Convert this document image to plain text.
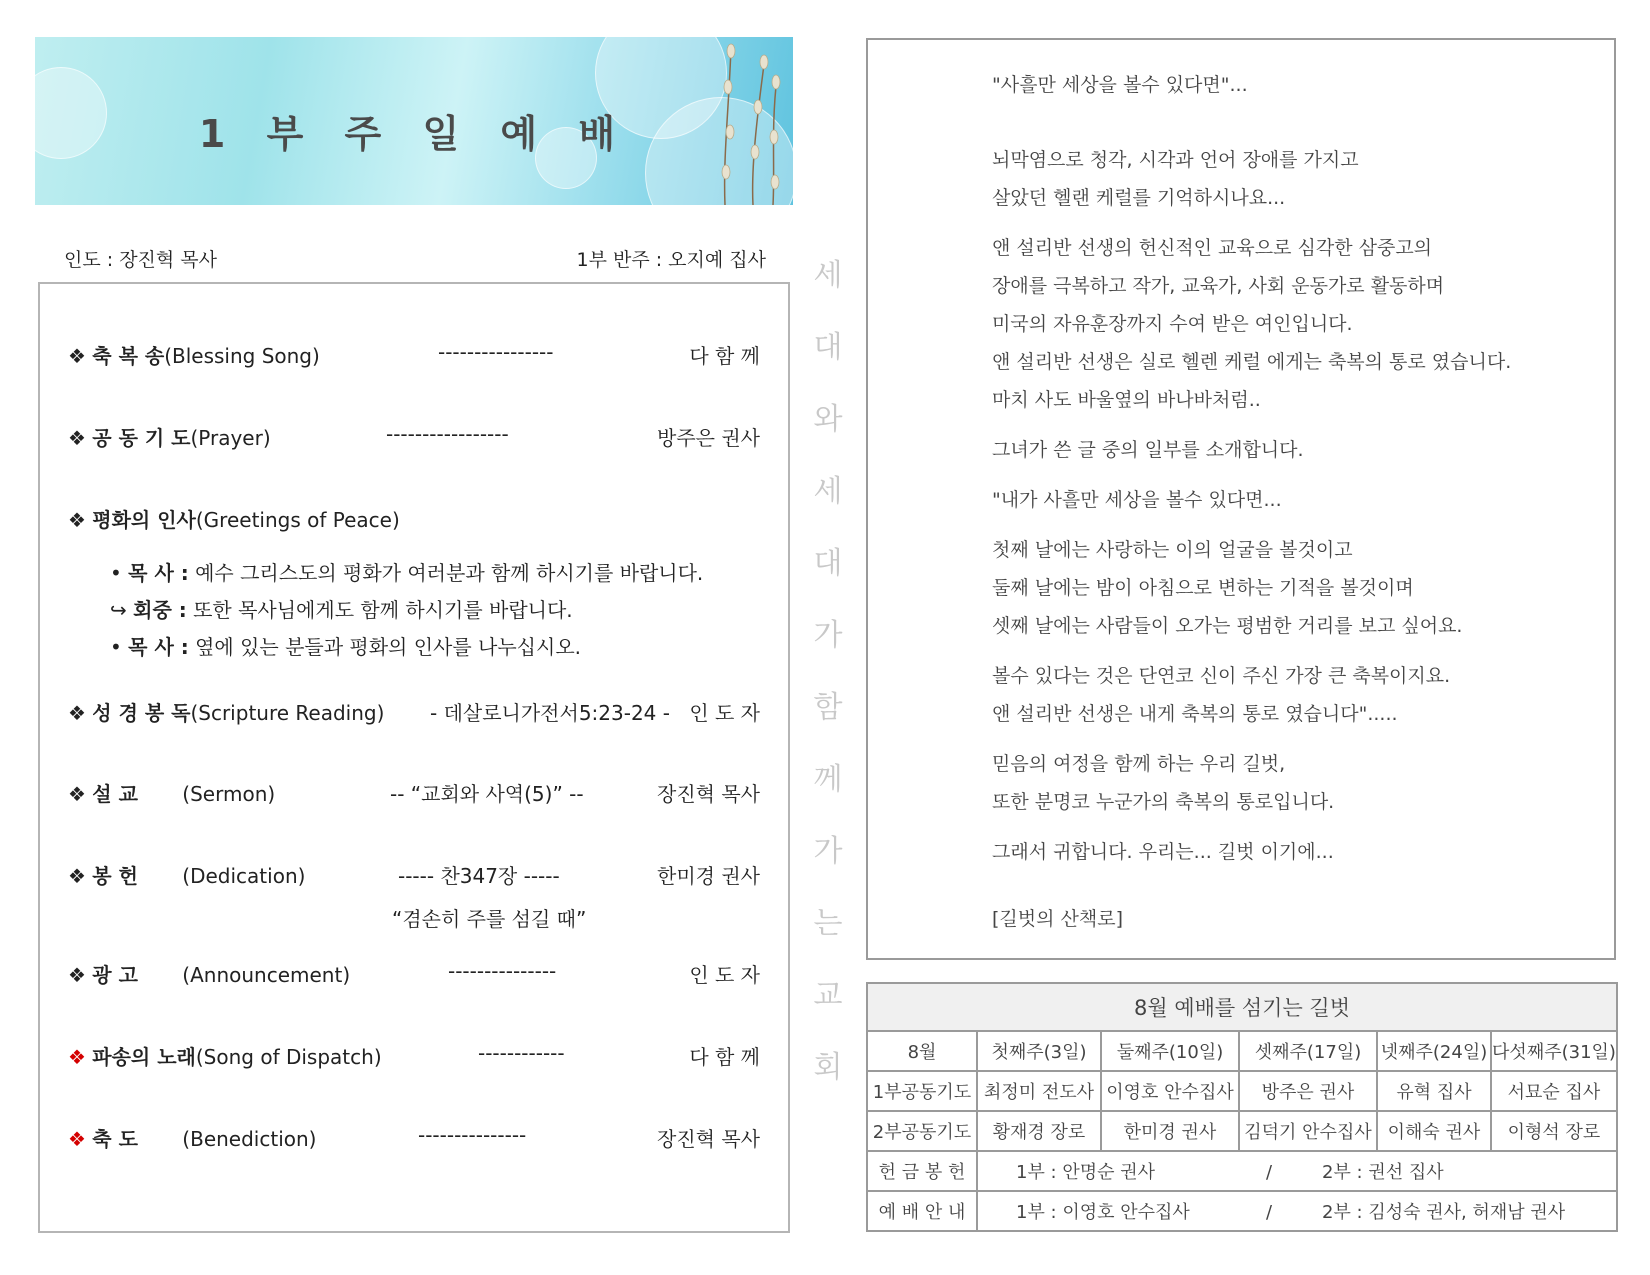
1 부 주 일 예 배
인도 : 장진혁 목사	1부 반주 : 오지예 집사
❖ 축 복 송(Blessing Song)	----------------	다 함 께
❖ 공 동 기 도(Prayer)	-----------------	방주은 권사
❖ 평화의 인사(Greetings of Peace)
• 목 사 : 예수 그리스도의 평화가 여러분과 함께 하시기를 바랍니다.
↪ 회중 : 또한 목사님에게도 함께 하시기를 바랍니다.
• 목 사 : 옆에 있는 분들과 평화의 인사를 나누십시오.
❖ 성 경 봉 독(Scripture Reading) - 데살로니가전서5:23-24 - 인 도 자
❖ 설 교 (Sermon)	-- “교회와 사역(5)” --	장진혁 목사
❖ 봉 헌 (Dedication)	----- 찬347장 -----	한미경 권사
“겸손히 주를 섬길 때”
❖ 광 고 (Announcement)	---------------	인 도 자
❖ 파송의 노래(Song of Dispatch)	------------	다 함 께
❖ 축 도 (Benediction)	---------------	장진혁 목사
세
대
와
세
대
가
함
께
가
는
교
회
"사흘만 세상을 볼수 있다면"...
뇌막염으로 청각, 시각과 언어 장애를 가지고
살았던 헬랜 케럴를 기억하시나요...
앤 설리반 선생의 헌신적인 교육으로 심각한 삼중고의
장애를 극복하고 작가, 교육가, 사회 운동가로 활동하며
미국의 자유훈장까지 수여 받은 여인입니다.
앤 설리반 선생은 실로 헬렌 케럴 에게는 축복의 통로 였습니다.
마치 사도 바울옆의 바나바처럼..
그녀가 쓴 글 중의 일부를 소개합니다.
"내가 사흘만 세상을 볼수 있다면...
첫째 날에는 사랑하는 이의 얼굴을 볼것이고
둘째 날에는 밤이 아침으로 변하는 기적을 볼것이며
셋째 날에는 사람들이 오가는 평범한 거리를 보고 싶어요.
볼수 있다는 것은 단연코 신이 주신 가장 큰 축복이지요.
앤 설리반 선생은 내게 축복의 통로 였습니다".....
믿음의 여정을 함께 하는 우리 길벗,
또한 분명코 누군가의 축복의 통로입니다.
그래서 귀합니다. 우리는... 길벗 이기에...
[길벗의 산책로]
8월 예배를 섬기는 길벗					
8월	첫째주(3일)	둘째주(10일)	셋째주(17일)	넷째주(24일)	다섯째주(31일)
1부공동기도	최정미 전도사	이영호 안수집사	방주은 권사	유혁 집사	서묘순 집사
2부공동기도	황재경 장로	한미경 권사	김덕기 안수집사	이해숙 권사	이형석 장로
헌 금 봉 헌	1부 : 안명순 권사 / 2부 : 권선 집사				
예 배 안 내	1부 : 이영호 안수집사 / 2부 : 김성숙 권사, 허재남 권사				
